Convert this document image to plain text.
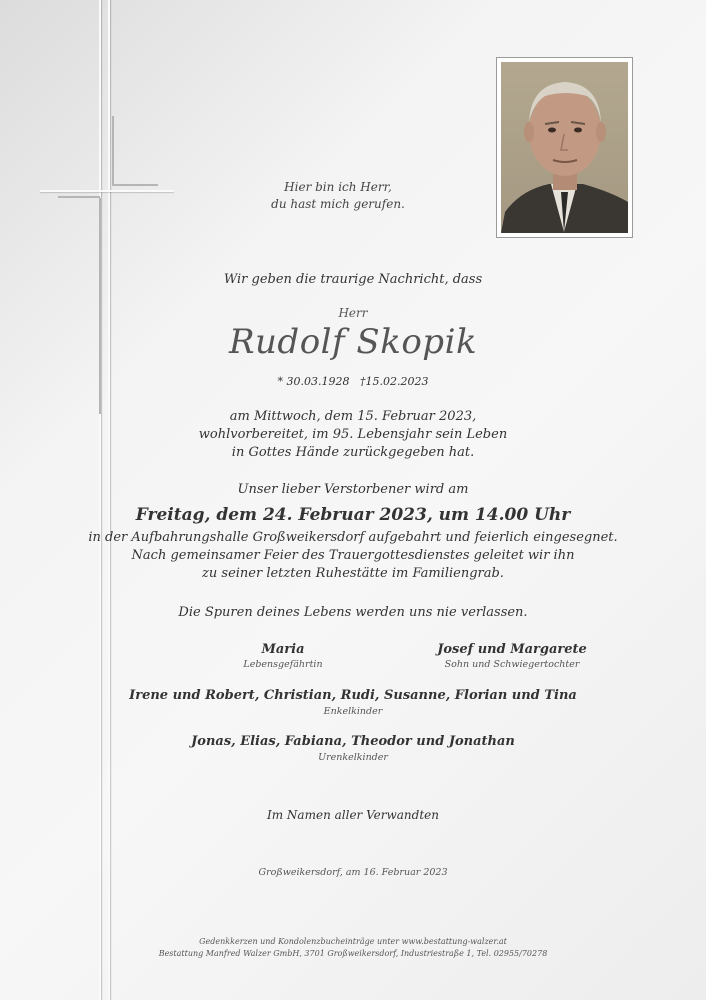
Hier bin ich Herr,
du hast mich gerufen.
Wir geben die traurige Nachricht, dass
Herr
Rudolf Skopik
* 30.03.1928   †15.02.2023
am Mittwoch, dem 15. Februar 2023,
wohlvorbereitet, im 95. Lebensjahr sein Leben
in Gottes Hände zurückgegeben hat.
Unser lieber Verstorbener wird am
Freitag, dem 24. Februar 2023, um 14.00 Uhr
in der Aufbahrungshalle Großweikersdorf aufgebahrt und feierlich eingesegnet.
Nach gemeinsamer Feier des Trauergottesdienstes geleitet wir ihn
zu seiner letzten Ruhestätte im Familiengrab.
Die Spuren deines Lebens werden uns nie verlassen.
Maria
Lebensgefährtin
Josef und Margarete
Sohn und Schwiegertochter
Irene und Robert, Christian, Rudi, Susanne, Florian und Tina
Enkelkinder
Jonas, Elias, Fabiana, Theodor und Jonathan
Urenkelkinder
Im Namen aller Verwandten
Großweikersdorf, am 16. Februar 2023
Gedenkkerzen und Kondolenzbucheinträge unter www.bestattung-walzer.at
Bestattung Manfred Walzer GmbH, 3701 Großweikersdorf, Industriestraße 1, Tel. 02955/70278
